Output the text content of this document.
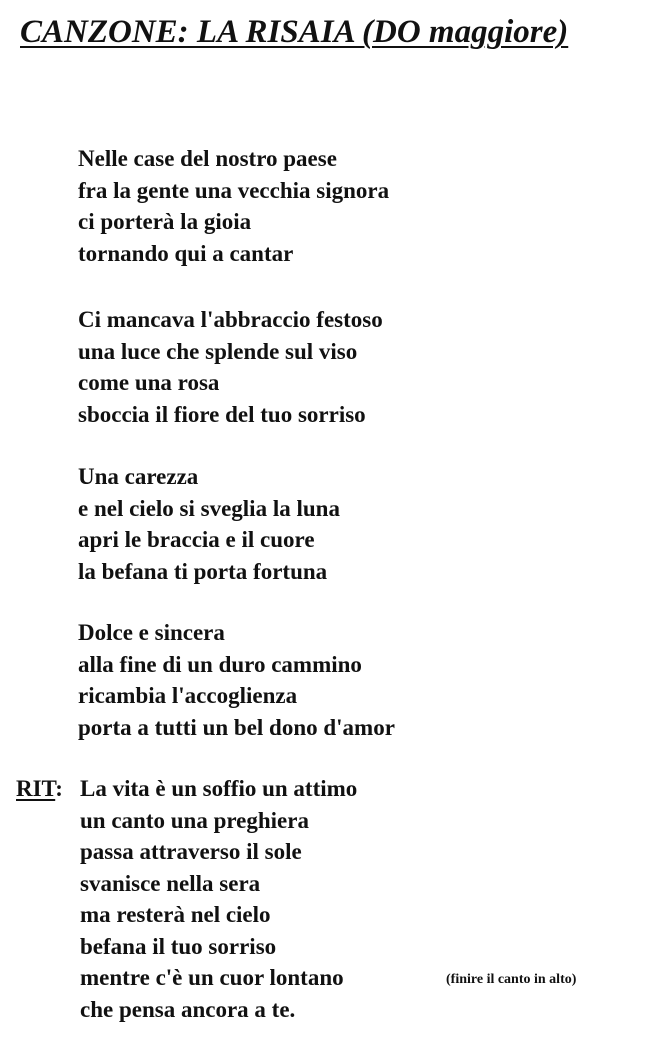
CANZONE: LA RISAIA (DO maggiore)
Nelle case del nostro paese
fra la gente una vecchia signora
ci porterà la gioia
tornando qui a cantar
Ci mancava l'abbraccio festoso
una luce che splende sul viso
come una rosa
sboccia il fiore del tuo sorriso
Una carezza
e nel cielo si sveglia la luna
apri le braccia e il cuore
la befana ti porta fortuna
Dolce e sincera
alla fine di un duro cammino
ricambia l'accoglienza
porta a tutti un bel dono d'amor
RIT: La vita è un soffio un attimo
un canto una preghiera
passa attraverso il sole
svanisce nella sera
ma resterà nel cielo
befana il tuo sorriso
mentre c'è un cuor lontano
che pensa ancora a te.
(finire il canto in alto)
